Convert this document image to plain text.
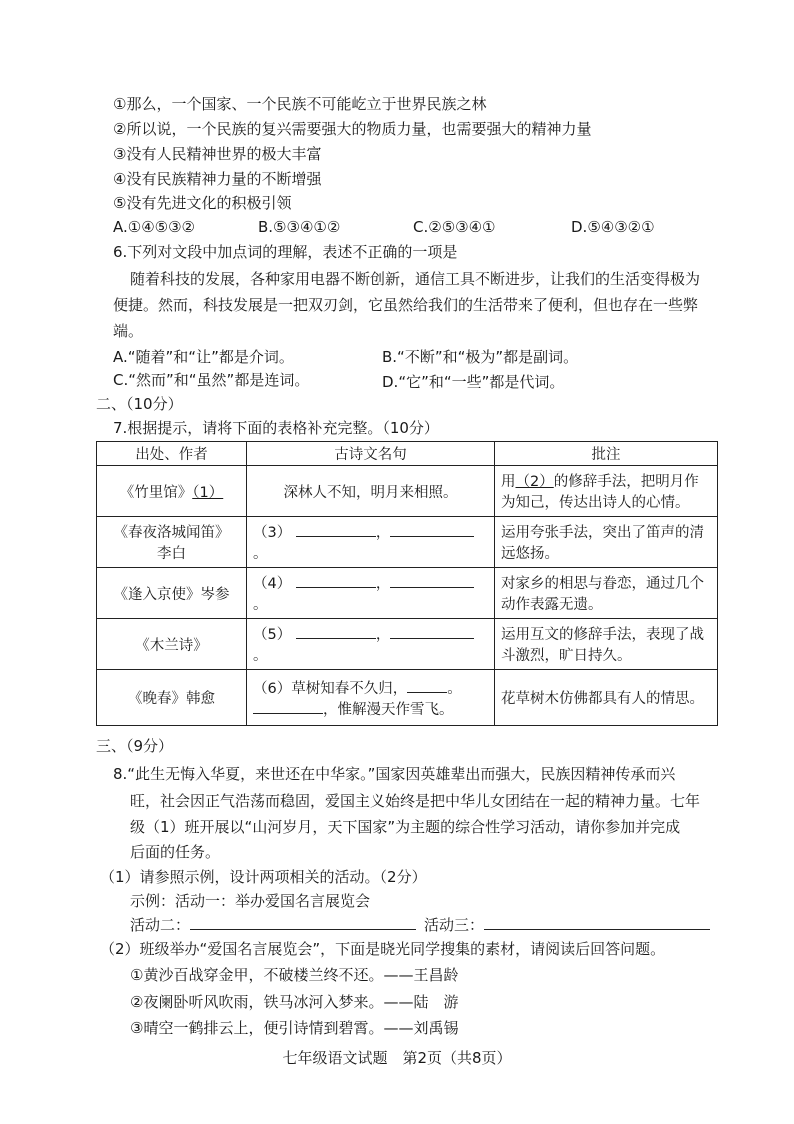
①那么，一个国家、一个民族不可能屹立于世界民族之林
②所以说，一个民族的复兴需要强大的物质力量，也需要强大的精神力量
③没有人民精神世界的极大丰富
④没有民族精神力量的不断增强
⑤没有先进文化的积极引领
A.①④⑤③②	B.⑤③④①②	C.②⑤③④①	D.⑤④③②①
6.下列对文段中加点词的理解，表述不正确的一项是
随着科技的发展，各种家用电器不断创新，通信工具不断进步，让我们的生活变得极为
便捷。然而，科技发展是一把双刃剑，它虽然给我们的生活带来了便利，但也存在一些弊
端。
A.“随着”和“让”都是介词。	B.“不断”和“极为”都是副词。
C.“然而”和“虽然”都是连词。	D.“它”和“一些”都是代词。
二、（10分）
7.根据提示，请将下面的表格补充完整。（10分）
出处、作者	古诗文名句	批注
《竹里馆》（1）	深林人不知，明月来相照。	用（2）的修辞手法，把明月作为知己，传达出诗人的心情。

《春夜洛城闻笛》
李白	（3） ，。	运用夸张手法，突出了笛声的清远悠扬。
《逢入京使》岑参	（4） ，。	对家乡的相思与眷恋，通过几个动作表露无遗。
《木兰诗》	（5） ，。	运用互文的修辞手法，表现了战斗激烈，旷日持久。
《晚春》韩愈	（6）草树知春不久归， 。
，惟解漫天作雪飞。	花草树木仿佛都具有人的情思。
三、（9分）
8.“此生无悔入华夏，来世还在中华家。”国家因英雄辈出而强大，民族因精神传承而兴
旺，社会因正气浩荡而稳固，爱国主义始终是把中华儿女团结在一起的精神力量。七年
级（1）班开展以“山河岁月，天下国家”为主题的综合性学习活动，请你参加并完成
后面的任务。
（1）请参照示例，设计两项相关的活动。（2分）
示例：活动一：举办爱国名言展览会
活动二：	活动三：
（2）班级举办“爱国名言展览会”，下面是晓光同学搜集的素材，请阅读后回答问题。
①黄沙百战穿金甲，不破楼兰终不还。——王昌龄
②夜阑卧听风吹雨，铁马冰河入梦来。——陆　游
③晴空一鹤排云上，便引诗情到碧霄。——刘禹锡
七年级语文试题　第2页（共8页）
